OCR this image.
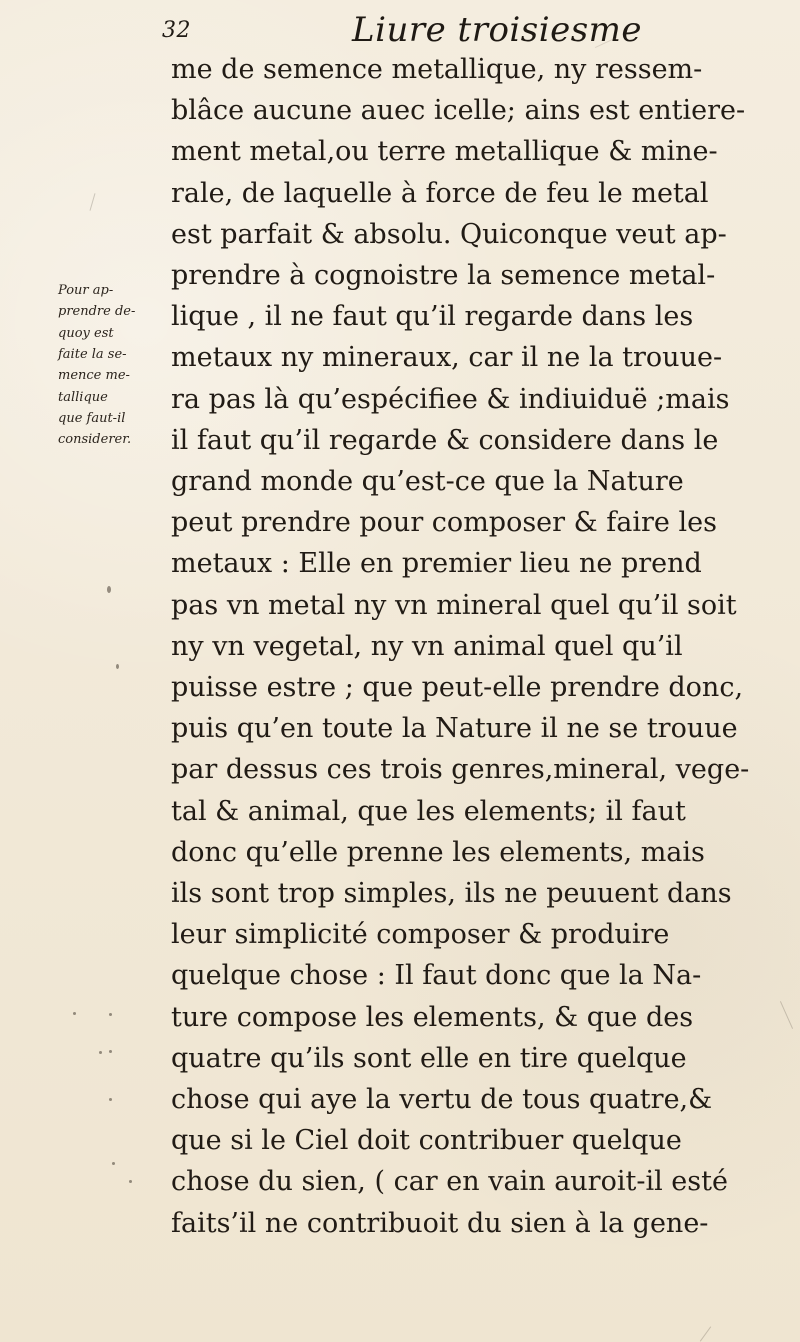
32	Liure troisiesme
Pour ap-
prendre de-
quoy est
faite la se-
mence me-
tallique
que faut-il
considerer.
me de semence metallique, ny ressem-
blâce aucune auec icelle; ains est entiere-
ment metal,ou terre metallique & mine-
rale, de laquelle à force de feu le metal
est parfait & absolu. Quiconque veut ap-
prendre à cognoistre la semence metal-
lique , il ne faut qu’il regarde dans les
metaux ny mineraux, car il ne la trouue-
ra pas là qu’espécifiee & indiuiduë ;mais
il faut qu’il regarde & considere dans le
grand monde qu’est-ce que la Nature
peut prendre pour composer & faire les
metaux : Elle en premier lieu ne prend
pas vn metal ny vn mineral quel qu’il soit
ny vn vegetal, ny vn animal quel qu’il
puisse estre ; que peut-elle prendre donc,
puis qu’en toute la Nature il ne se trouue
par dessus ces trois genres,mineral, vege-
tal & animal, que les elements; il faut
donc qu’elle prenne les elements, mais
ils sont trop simples, ils ne peuuent dans
leur simplicité composer & produire
quelque chose : Il faut donc que la Na-
ture compose les elements, & que des
quatre qu’ils sont elle en tire quelque
chose qui aye la vertu de tous quatre,&
que si le Ciel doit contribuer quelque
chose du sien, ( car en vain auroit-il esté
faits’il ne contribuoit du sien à la gene-
